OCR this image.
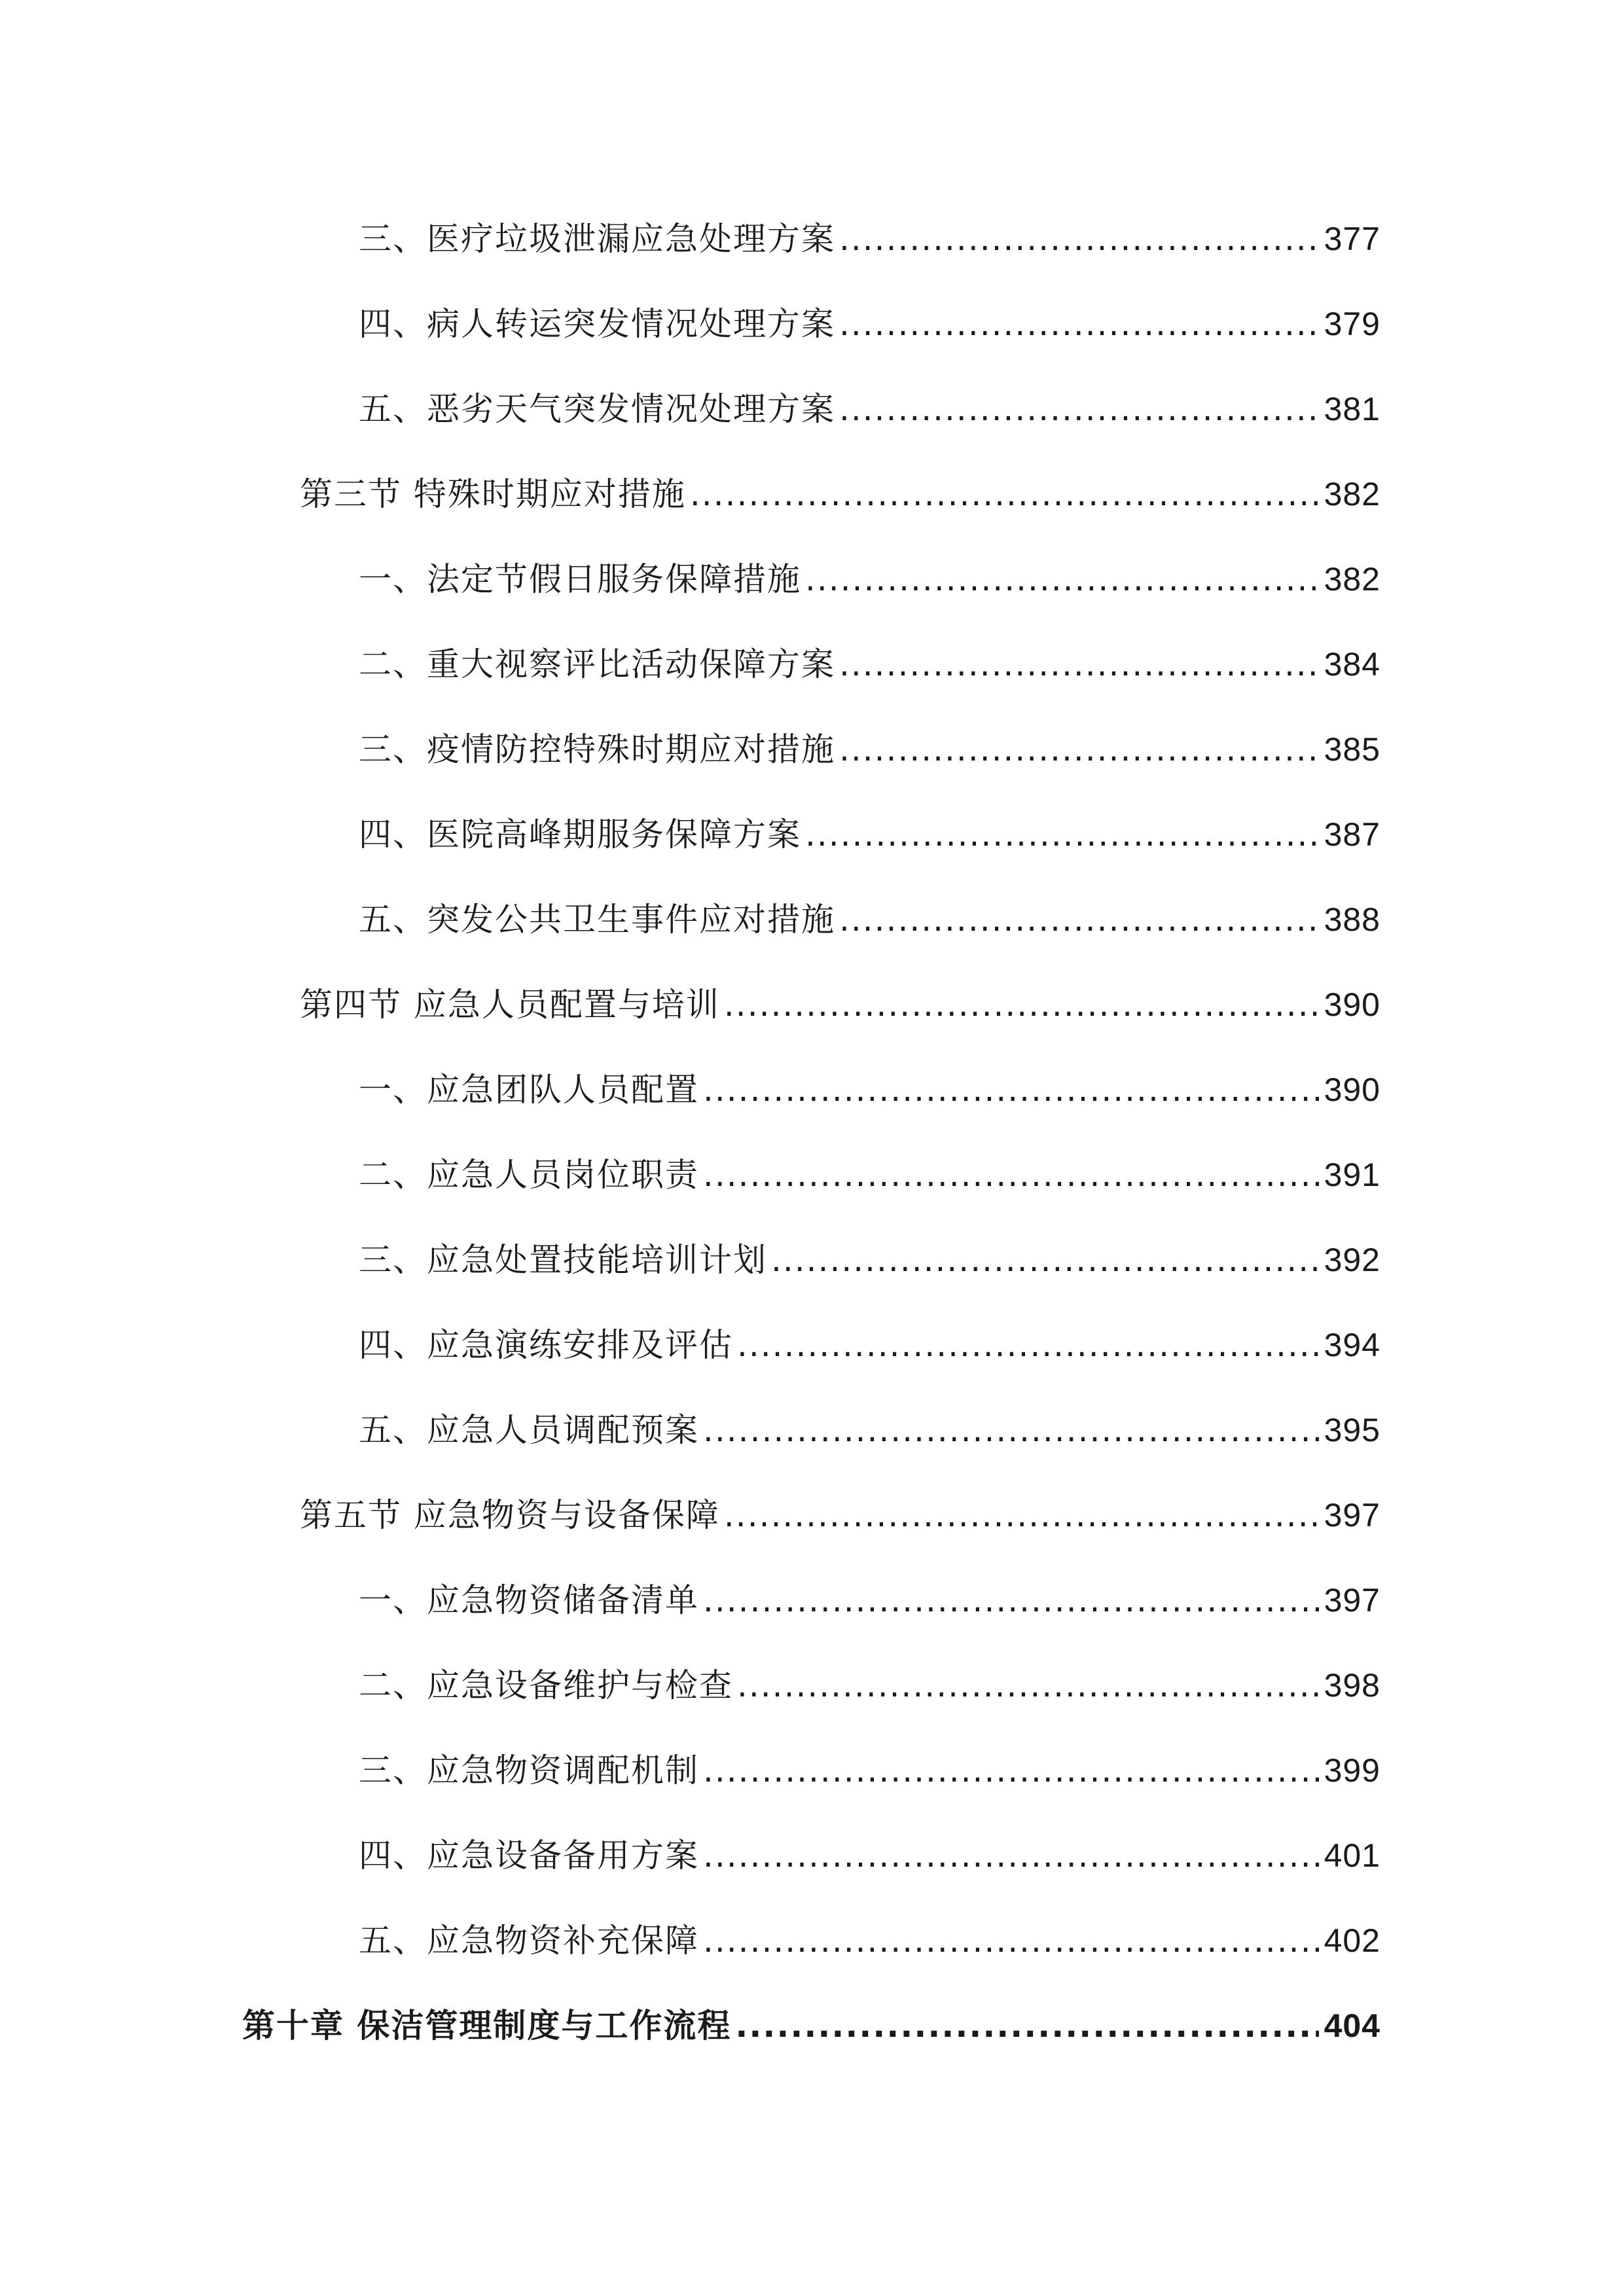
三、医疗垃圾泄漏应急处理方案 .....	377
四、病人转运突发情况处理方案 .....	379
五、恶劣天气突发情况处理方案 .....	381
第三节 特殊时期应对措施 .....	382
一、法定节假日服务保障措施 .....	382
二、重大视察评比活动保障方案 .....	384
三、疫情防控特殊时期应对措施 .....	385
四、医院高峰期服务保障方案 .....	387
五、突发公共卫生事件应对措施 .....	388
第四节 应急人员配置与培训 .....	390
一、应急团队人员配置 .....	390
二、应急人员岗位职责 .....	391
三、应急处置技能培训计划 .....	392
四、应急演练安排及评估 .....	394
五、应急人员调配预案 .....	395
第五节 应急物资与设备保障 .....	397
一、应急物资储备清单 .....	397
二、应急设备维护与检查 .....	398
三、应急物资调配机制 .....	399
四、应急设备备用方案 .....	401
五、应急物资补充保障 .....	402
第十章 保洁管理制度与工作流程 .....	404
